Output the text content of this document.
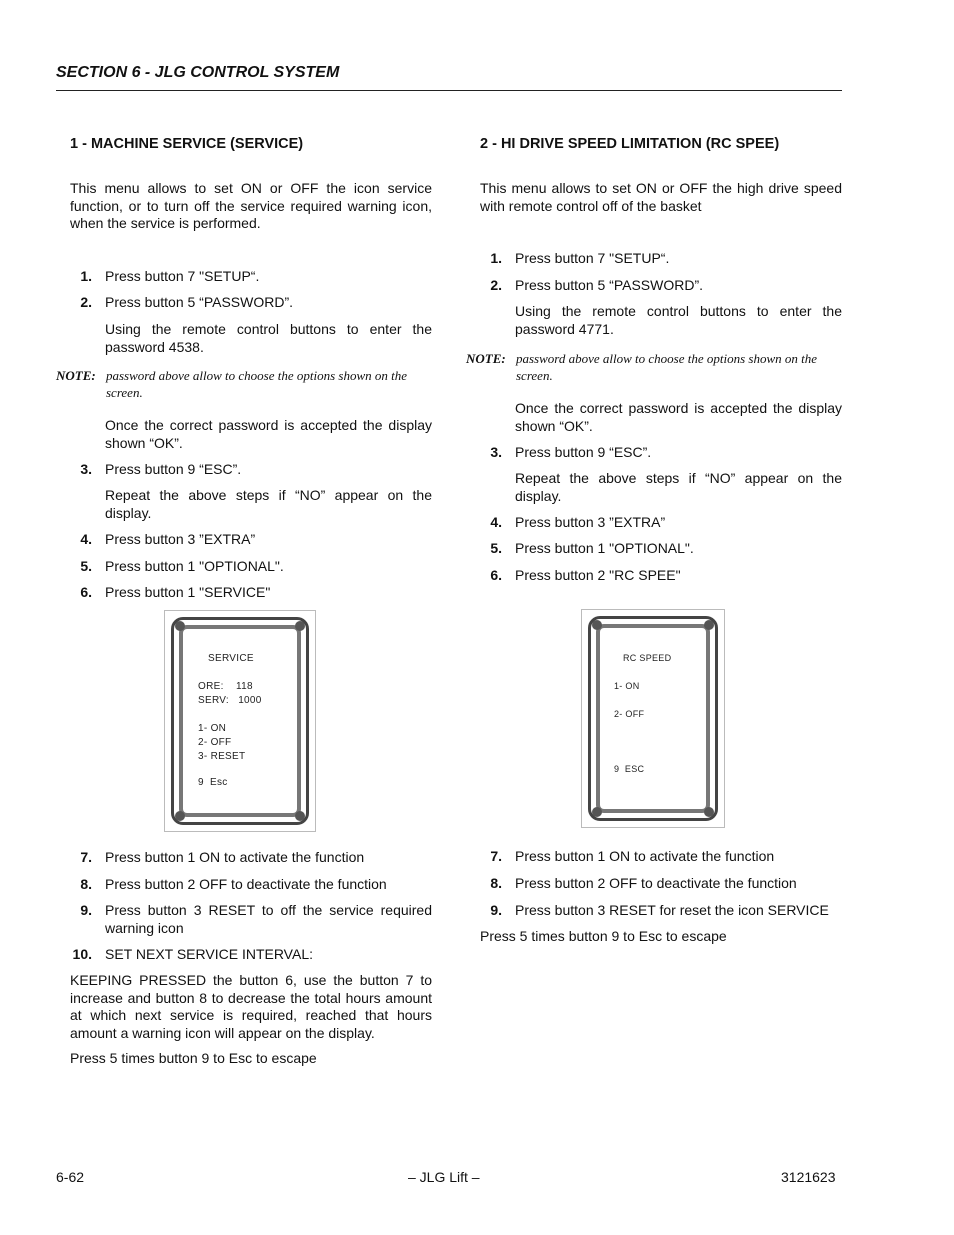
SECTION 6 - JLG CONTROL SYSTEM
1 - MACHINE SERVICE (SERVICE)
This menu allows to set ON or OFF the icon service function, or to turn off the service required warning icon, when the service is performed.
1. Press button 7 "SETUP“.
2. Press button 5 “PASSWORD”.
Using the remote control buttons to enter the password 4538.
NOTE: password above allow to choose the options shown on the screen.
Once the correct password is accepted the display shown “OK”.
3. Press button 9 “ESC”.
Repeat the above steps if “NO” appear on the display.
4. Press button 3 ”EXTRA”
5. Press button 1 "OPTIONAL".
6. Press button 1 "SERVICE"
SERVICE
ORE:    118
SERV:   1000
1- ON
2- OFF
3- RESET
9  Esc
7. Press button 1 ON to activate the function
8. Press button 2 OFF to deactivate the function
9. Press button 3 RESET to off the service required warning icon
10. SET NEXT SERVICE INTERVAL:
KEEPING PRESSED the button 6, use the button 7 to increase and button 8 to decrease the total hours amount at which next service is required, reached that hours amount a warning icon will appear on the display.
Press 5 times button 9 to Esc to escape
2 - HI DRIVE SPEED LIMITATION (RC SPEE)
This menu allows to set ON or OFF the high drive speed with remote control off of the basket
1. Press button 7 "SETUP“.
2. Press button 5 “PASSWORD”.
Using the remote control buttons to enter the password 4771.
NOTE: password above allow to choose the options shown on the screen.
Once the correct password is accepted the display shown “OK”.
3. Press button 9 “ESC”.
Repeat the above steps if “NO” appear on the display.
4. Press button 3 ”EXTRA”
5. Press button 1 "OPTIONAL".
6. Press button 2 "RC SPEE"
RC SPEED
1- ON
2- OFF
9  ESC
7. Press button 1 ON to activate the function
8. Press button 2 OFF to deactivate the function
9. Press button 3 RESET for reset the icon SERVICE
Press 5 times button 9 to Esc to escape
6-62	– JLG Lift –	3121623
